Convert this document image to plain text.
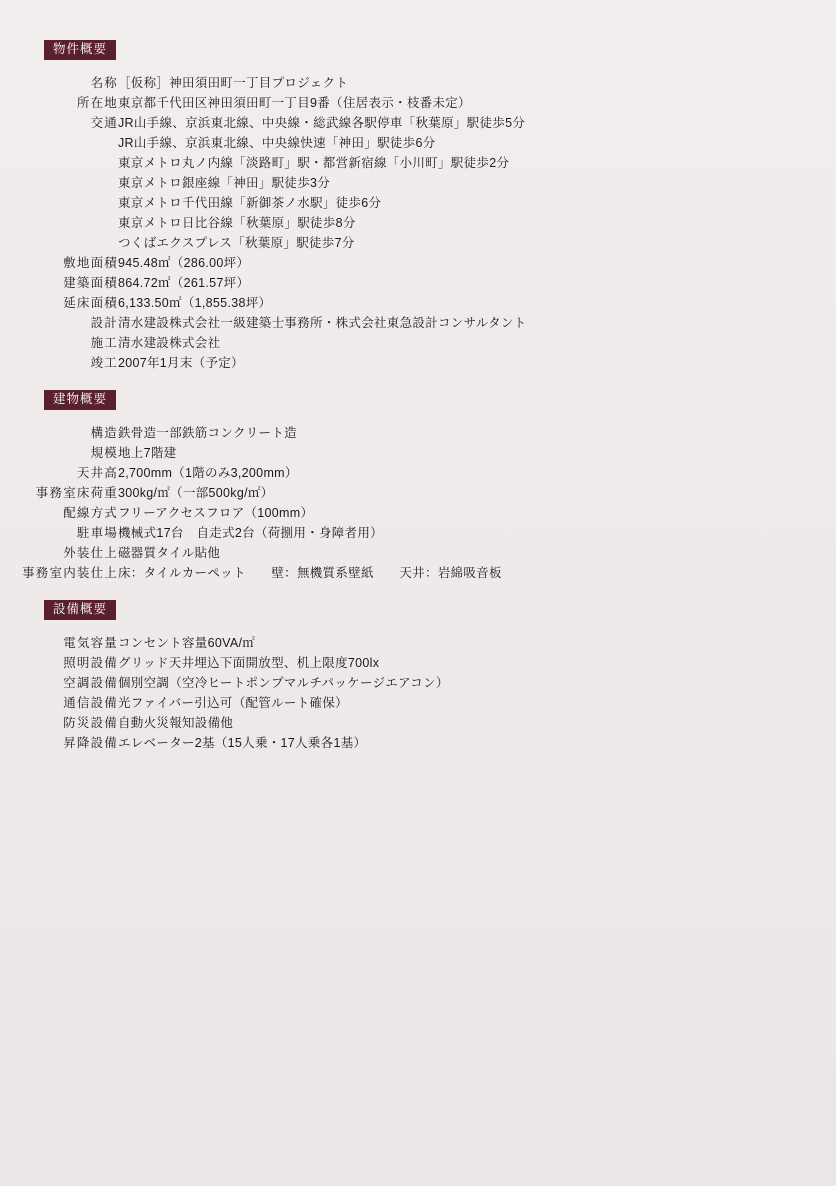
物件概要
名称	［仮称］神田須田町一丁目プロジェクト
所在地	東京都千代田区神田須田町一丁目9番（住居表示・枝番未定）
交通	JR山手線、京浜東北線、中央線・総武線各駅停車「秋葉原」駅徒歩5分
	JR山手線、京浜東北線、中央線快速「神田」駅徒歩6分
	東京メトロ丸ノ内線「淡路町」駅・都営新宿線「小川町」駅徒歩2分
	東京メトロ銀座線「神田」駅徒歩3分
	東京メトロ千代田線「新御茶ノ水駅」徒歩6分
	東京メトロ日比谷線「秋葉原」駅徒歩8分
	つくばエクスプレス「秋葉原」駅徒歩7分
敷地面積	945.48㎡（286.00坪）
建築面積	864.72㎡（261.57坪）
延床面積	6,133.50㎡（1,855.38坪）
設計	清水建設株式会社一級建築士事務所・株式会社東急設計コンサルタント
施工	清水建設株式会社
竣工	2007年1月末（予定）
建物概要
構造	鉄骨造一部鉄筋コンクリート造
規模	地上7階建
天井高	2,700mm（1階のみ3,200mm）
事務室床荷重	300kg/㎡（一部500kg/㎡）
配線方式	フリーアクセスフロア（100mm）
駐車場	機械式17台　自走式2台（荷捌用・身障者用）
外装仕上	磁器質タイル貼他
事務室内装仕上	床：タイルカーペット　　壁：無機質系壁紙　　天井：岩綿吸音板
設備概要
電気容量	コンセント容量60VA/㎡
照明設備	グリッド天井埋込下面開放型、机上限度700lx
空調設備	個別空調（空冷ヒートポンプマルチパッケージエアコン）
通信設備	光ファイバー引込可（配管ルート確保）
防災設備	自動火災報知設備他
昇降設備	エレベーター2基（15人乗・17人乗各1基）
